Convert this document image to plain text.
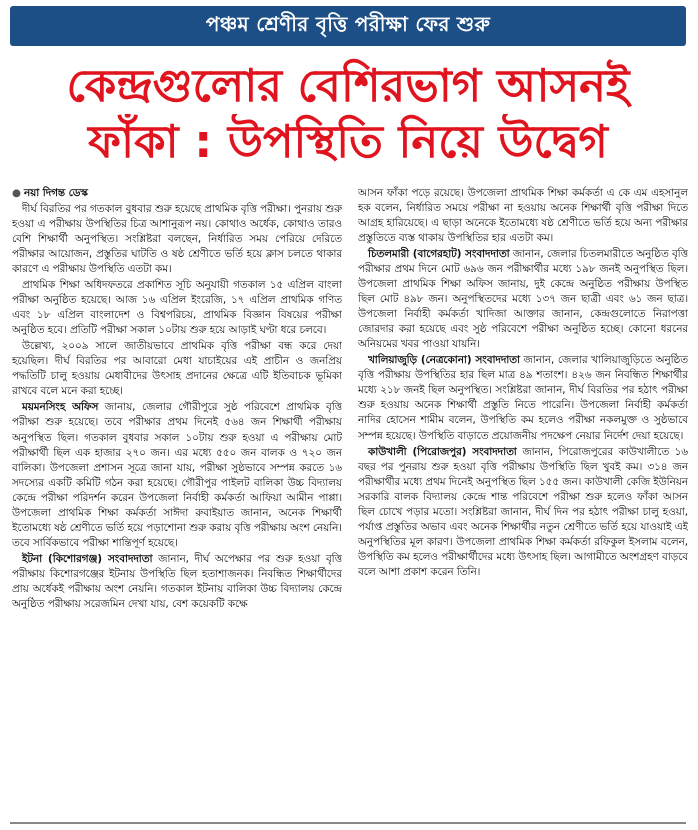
পঞ্চম শ্রেণীর বৃত্তি পরীক্ষা ফের শুরু
কেন্দ্রগুলোর বেশিরভাগ আসনই
ফাঁকা : উপস্থিতি নিয়ে উদ্বেগ

● নয়া দিগন্ত ডেস্ক

দীর্ঘ বিরতির পর গতকাল বুধবার শুরু হয়েছে প্রাথমিক বৃত্তি পরীক্ষা। পুনরায় শুরু হওয়া এ পরীক্ষায় উপস্থিতির চিত্র আশানুরূপ নয়। কোথাও অর্ধেক, কোথাও তারও বেশি শিক্ষার্থী অনুপস্থিত। সংশ্লিষ্টরা বলছেন, নির্ধারিত সময় পেরিয়ে দেরিতে পরীক্ষার আয়োজন, প্রস্তুতির ঘাটতি ও ষষ্ঠ শ্রেণীতে ভর্তি হয়ে ক্লাস চলতে থাকার কারণে এ পরীক্ষায় উপস্থিতি এতটা কম।

প্রাথমিক শিক্ষা অধিদফতরে প্রকাশিত সূচি অনুযায়ী গতকাল ১৫ এপ্রিল বাংলা পরীক্ষা অনুষ্ঠিত হয়েছে। আজ ১৬ এপ্রিল ইংরেজি, ১৭ এপ্রিল প্রাথমিক গণিত এবং ১৮ এপ্রিল বাংলাদেশ ও বিশ্বপরিচয়, প্রাথমিক বিজ্ঞান বিষয়ের পরীক্ষা অনুষ্ঠিত হবে। প্রতিটি পরীক্ষা সকাল ১০টায় শুরু হয়ে আড়াই ঘণ্টা ধরে চলবে।

উল্লেখ্য, ২০০৯ সালে জাতীয়ভাবে প্রাথমিক বৃত্তি পরীক্ষা বন্ধ করে দেয়া হয়েছিল। দীর্ঘ বিরতির পর আবারো মেধা যাচাইয়ের এই প্রাচীন ও জনপ্রিয় পদ্ধতিটি চালু হওয়ায় মেধাবীদের উৎসাহ প্রদানের ক্ষেত্রে এটি ইতিবাচক ভূমিকা রাখবে বলে মনে করা হচ্ছে।

ময়মনসিংহ অফিস জানায়, জেলার গৌরীপুরে সুষ্ঠ পরিবেশে প্রাথমিক বৃত্তি পরীক্ষা শুরু হয়েছে। তবে পরীক্ষার প্রথম দিনেই ৫৬৪ জন শিক্ষার্থী পরীক্ষায় অনুপস্থিত ছিল। গতকাল বুধবার সকাল ১০টায় শুরু হওয়া এ পরীক্ষায় মোট পরীক্ষার্থী ছিল এক হাজার ২৭০ জন। এর মধ্যে ৫৫০ জন বালক ও ৭২০ জন বালিকা। উপজেলা প্রশাসন সূত্রে জানা যায়, পরীক্ষা সুষ্ঠভাবে সম্পন্ন করতে ১৬ সদস্যের একটি কমিটি গঠন করা হয়েছে। গৌরীপুর পাইলট বালিকা উচ্চ বিদ্যালয় কেন্দ্রে পরীক্ষা পরিদর্শন করেন উপজেলা নির্বাহী কর্মকর্তা আফিয়া আমীন পাপ্পা। উপজেলা প্রাথমিক শিক্ষা কর্মকর্তা সাঈদা রুবাইয়াত জানান, অনেক শিক্ষার্থী ইতোমধ্যে ষষ্ঠ শ্রেণীতে ভর্তি হয়ে পড়াশোনা শুরু করায় বৃত্তি পরীক্ষায় অংশ নেয়নি। তবে সার্বিকভাবে পরীক্ষা শান্তিপূর্ণ হয়েছে।

ইটনা (কিশোরগঞ্জ) সংবাদদাতা জানান, দীর্ঘ অপেক্ষার পর শুরু হওয়া বৃত্তি পরীক্ষায় কিশোরগঞ্জের ইটনায় উপস্থিতি ছিল হতাশাজনক। নিবন্ধিত শিক্ষার্থীদের প্রায় অর্ধেকই পরীক্ষায় অংশ নেয়নি। গতকাল ইটনায় বালিকা উচ্চ বিদ্যালয় কেন্দ্রে অনুষ্ঠিত পরীক্ষায় সরেজমিন দেখা যায়, বেশ কয়েকটি কক্ষে

আসন ফাঁকা পড়ে রয়েছে। উপজেলা প্রাথমিক শিক্ষা কর্মকর্তা এ কে এম এহসানুল হক বলেন, নির্ধারিত সময়ে পরীক্ষা না হওয়ায় অনেক শিক্ষার্থী বৃত্তি পরীক্ষা দিতে আগ্রহ হারিয়েছে। এ ছাড়া অনেকে ইতোমধ্যে ষষ্ঠ শ্রেণীতে ভর্তি হয়ে অন্য পরীক্ষার প্রস্তুতিতে ব্যস্ত থাকায় উপস্থিতির হার এতটা কম।

চিতলমারী (বাগেরহাট) সংবাদদাতা জানান, জেলার চিতলমারীতে অনুষ্ঠিত বৃত্তি পরীক্ষার প্রথম দিনে মোট ৬৯৬ জন পরীক্ষার্থীর মধ্যে ১৯৮ জনই অনুপস্থিত ছিল। উপজেলা প্রাথমিক শিক্ষা অফিস জানায়, দুই কেন্দ্রে অনুষ্ঠিত পরীক্ষায় উপস্থিত ছিল মোট ৪৯৮ জন। অনুপস্থিতদের মধ্যে ১৩৭ জন ছাত্রী এবং ৬১ জন ছাত্র। উপজেলা নির্বাহী কর্মকর্তা খাদিজা আক্তার জানান, কেন্দ্রগুলোতে নিরাপত্তা জোরদার করা হয়েছে এবং সুষ্ঠ পরিবেশে পরীক্ষা অনুষ্ঠিত হচ্ছে। কোনো ধরনের অনিয়মের খবর পাওয়া যায়নি।

খালিয়াজুড়ি (নেত্রকোনা) সংবাদদাতা জানান, জেলার খালিয়াজুড়িতে অনুষ্ঠিত বৃত্তি পরীক্ষায় উপস্থিতির হার ছিল মাত্র ৪৯ শতাংশ। ৪২৬ জন নিবন্ধিত শিক্ষার্থীর মধ্যে ২১৮ জনই ছিল অনুপস্থিত। সংশ্লিষ্টরা জানান, দীর্ঘ বিরতির পর হঠাৎ পরীক্ষা শুরু হওয়ায় অনেক শিক্ষার্থী প্রস্তুতি নিতে পারেনি। উপজেলা নির্বাহী কর্মকর্তা নাদির হোসেন শামীম বলেন, উপস্থিতি কম হলেও পরীক্ষা নকলমুক্ত ও সুষ্ঠভাবে সম্পন্ন হয়েছে। উপস্থিতি বাড়াতে প্রয়োজনীয় পদক্ষেপ নেয়ার নির্দেশ দেয়া হয়েছে।

কাউখালী (পিরোজপুর) সংবাদদাতা জানান, পিরোজপুরের কাউখালীতে ১৬ বছর পর পুনরায় শুরু হওয়া বৃত্তি পরীক্ষায় উপস্থিতি ছিল খুবই কম। ৩১৪ জন পরীক্ষার্থীর মধ্যে প্রথম দিনেই অনুপস্থিত ছিল ১৫৫ জন। কাউখালী কেজি ইউনিয়ন সরকারি বালক বিদ্যালয় কেন্দ্রে শান্ত পরিবেশে পরীক্ষা শুরু হলেও ফাঁকা আসন ছিল চোখে পড়ার মতো। সংশ্লিষ্টরা জানান, দীর্ঘ দিন পর হঠাৎ পরীক্ষা চালু হওয়া, পর্যাপ্ত প্রস্তুতির অভাব এবং অনেক শিক্ষার্থীর নতুন শ্রেণীতে ভর্তি হয়ে যাওয়াই এই অনুপস্থিতির মূল কারণ। উপজেলা প্রাথমিক শিক্ষা কর্মকর্তা রফিকুল ইসলাম বলেন, উপস্থিতি কম হলেও পরীক্ষার্থীদের মধ্যে উৎসাহ ছিল। আগামীতে অংশগ্রহণ বাড়বে বলে আশা প্রকাশ করেন তিনি।
